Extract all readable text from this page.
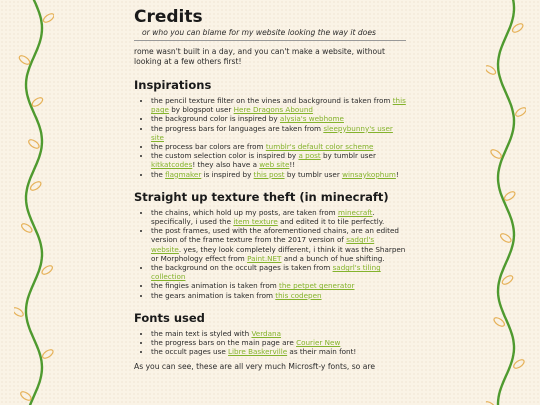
Credits

or who you can blame for my website looking the way it does

rome wasn't built in a day, and you can't make a website, without looking at a few others first!

Inspirations
• the pencil texture filter on the vines and background is taken from this page by blogspot user Here Dragons Abound
• the background color is inspired by alysia's webhome
• the progress bars for languages are taken from sleepybunny's user site
• the process bar colors are from tumblr's default color scheme
• the custom selection color is inspired by a post by tumblr user kitkatcodes! they also have a web site!!
• the flagmaker is inspired by this post by tumblr user winsaykophum!
Straight up texture theft (in minecraft)
• the chains, which hold up my posts, are taken from minecraft. specifically, i used the item texture and edited it to tile perfectly.
• the post frames, used with the aforementioned chains, are an edited version of the frame texture from the 2017 version of sadgrl's website. yes, they look completely different, i think it was the Sharpen or Morphology effect from Paint.NET and a bunch of hue shifting.
• the background on the occult pages is taken from sadgrl's tiling collection
• the fingies animation is taken from the petpet generator
• the gears animation is taken from this codepen
Fonts used
• the main text is styled with Verdana
• the progress bars on the main page are Courier New
• the occult pages use Libre Baskerville as their main font!

As you can see, these are all very much Microsft-y fonts, so are
